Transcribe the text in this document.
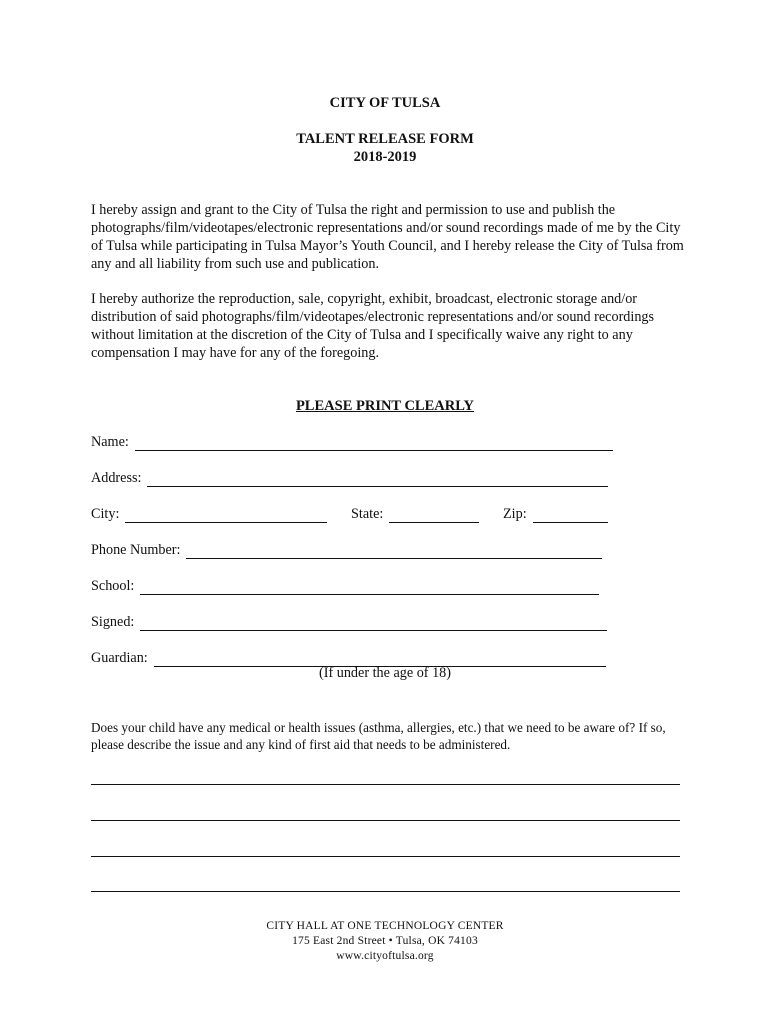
CITY OF TULSA
TALENT RELEASE FORM
2018-2019
I hereby assign and grant to the City of Tulsa the right and permission to use and publish the photographs/film/videotapes/electronic representations and/or sound recordings made of me by the City of Tulsa while participating in Tulsa Mayor’s Youth Council, and I hereby release the City of Tulsa from any and all liability from such use and publication.
I hereby authorize the reproduction, sale, copyright, exhibit, broadcast, electronic storage and/or distribution of said photographs/film/videotapes/electronic representations and/or sound recordings without limitation at the discretion of the City of Tulsa and I specifically waive any right to any compensation I may have for any of the foregoing.
PLEASE PRINT CLEARLY
Name:
Address:
City:	State:	Zip:
Phone Number:
School:
Signed:
Guardian:
(If under the age of 18)
Does your child have any medical or health issues (asthma, allergies, etc.) that we need to be aware of? If so, please describe the issue and any kind of first aid that needs to be administered.
CITY HALL AT ONE TECHNOLOGY CENTER
175 East 2nd Street • Tulsa, OK 74103
www.cityoftulsa.org
